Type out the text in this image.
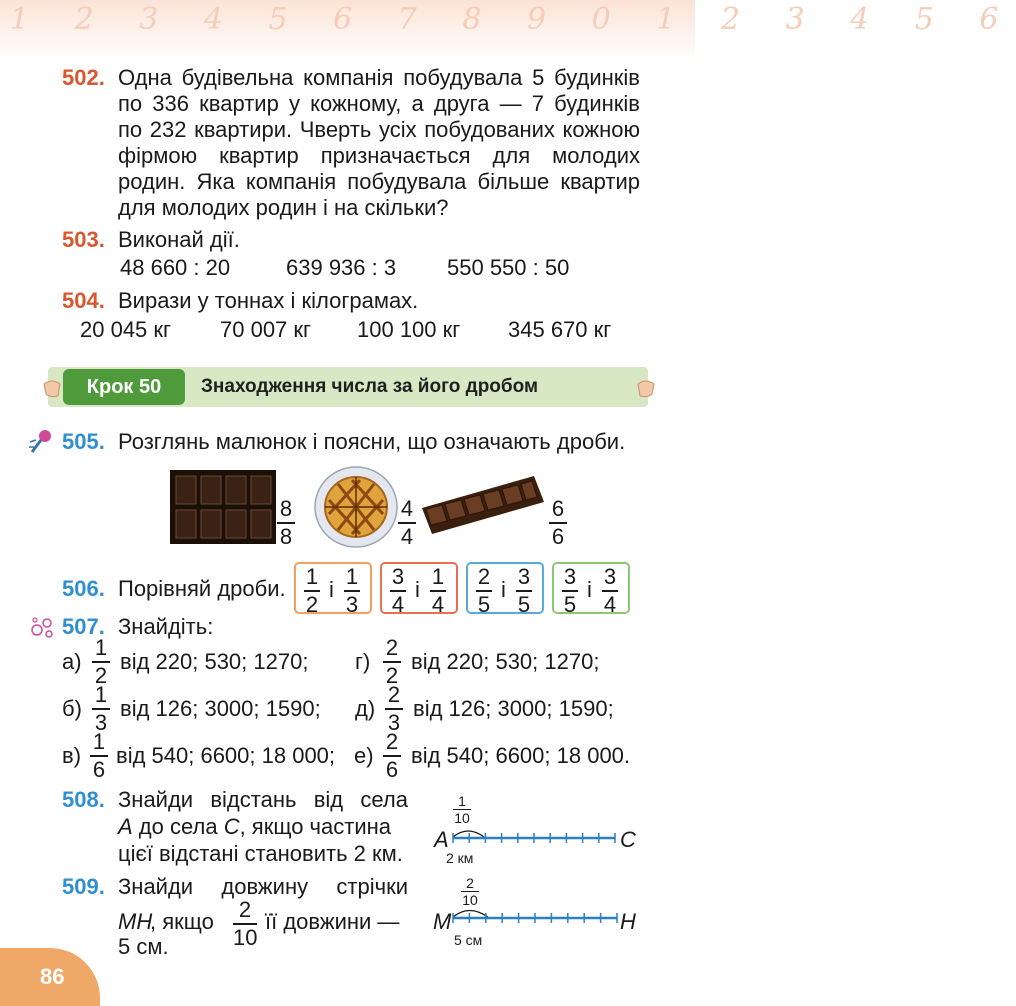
1 2 3 4 5 6 7 8 9 0 1 2 3 4 5 6
502. Одна будівельна компанія побудувала 5 будинків
по 336 квартир у кожному, а друга — 7 будинків
по 232 квартири. Чверть усіх побудованих кожною
фірмою квартир призначається для молодих
родин. Яка компанія побудувала більше квартир
для молодих родин і на скільки?
503. Виконай дії.
48 660 : 20	639 936 : 3 550 550 : 50
504. Вирази у тоннах і кілограмах.
20 045 кг 70 007 кг 100 100 кг 345 670 кг
Крок 50	Знаходження числа за його дробом
505. Розглянь малюнок і поясни, що означають дроби.
8
8
4
4
6
6
506. Порівняй дроби. 1
2
і
1
3
3
4
і
1
4
2
5
і
3
5
3
5
і
3
4
507. Знайдіть:
а)
1
2
від 220; 530; 1270; г)
2
2
від 220; 530; 1270;
б)
1
3
від 126; 3000; 1590; д)
2
3
від 126; 3000; 1590;
в)
1
6
від 540; 6600; 18 000; е)
2
6
від 540; 6600; 18 000.
508. Знайди відстань від села
А до села С, якщо частина
цієї відстані становить 2 км.
1
10
А	С
2 км
509. Знайди довжину стрічки
МН
, якщо 2
10
її довжини —
5 см.
2
10
М	Н
5 см
86
